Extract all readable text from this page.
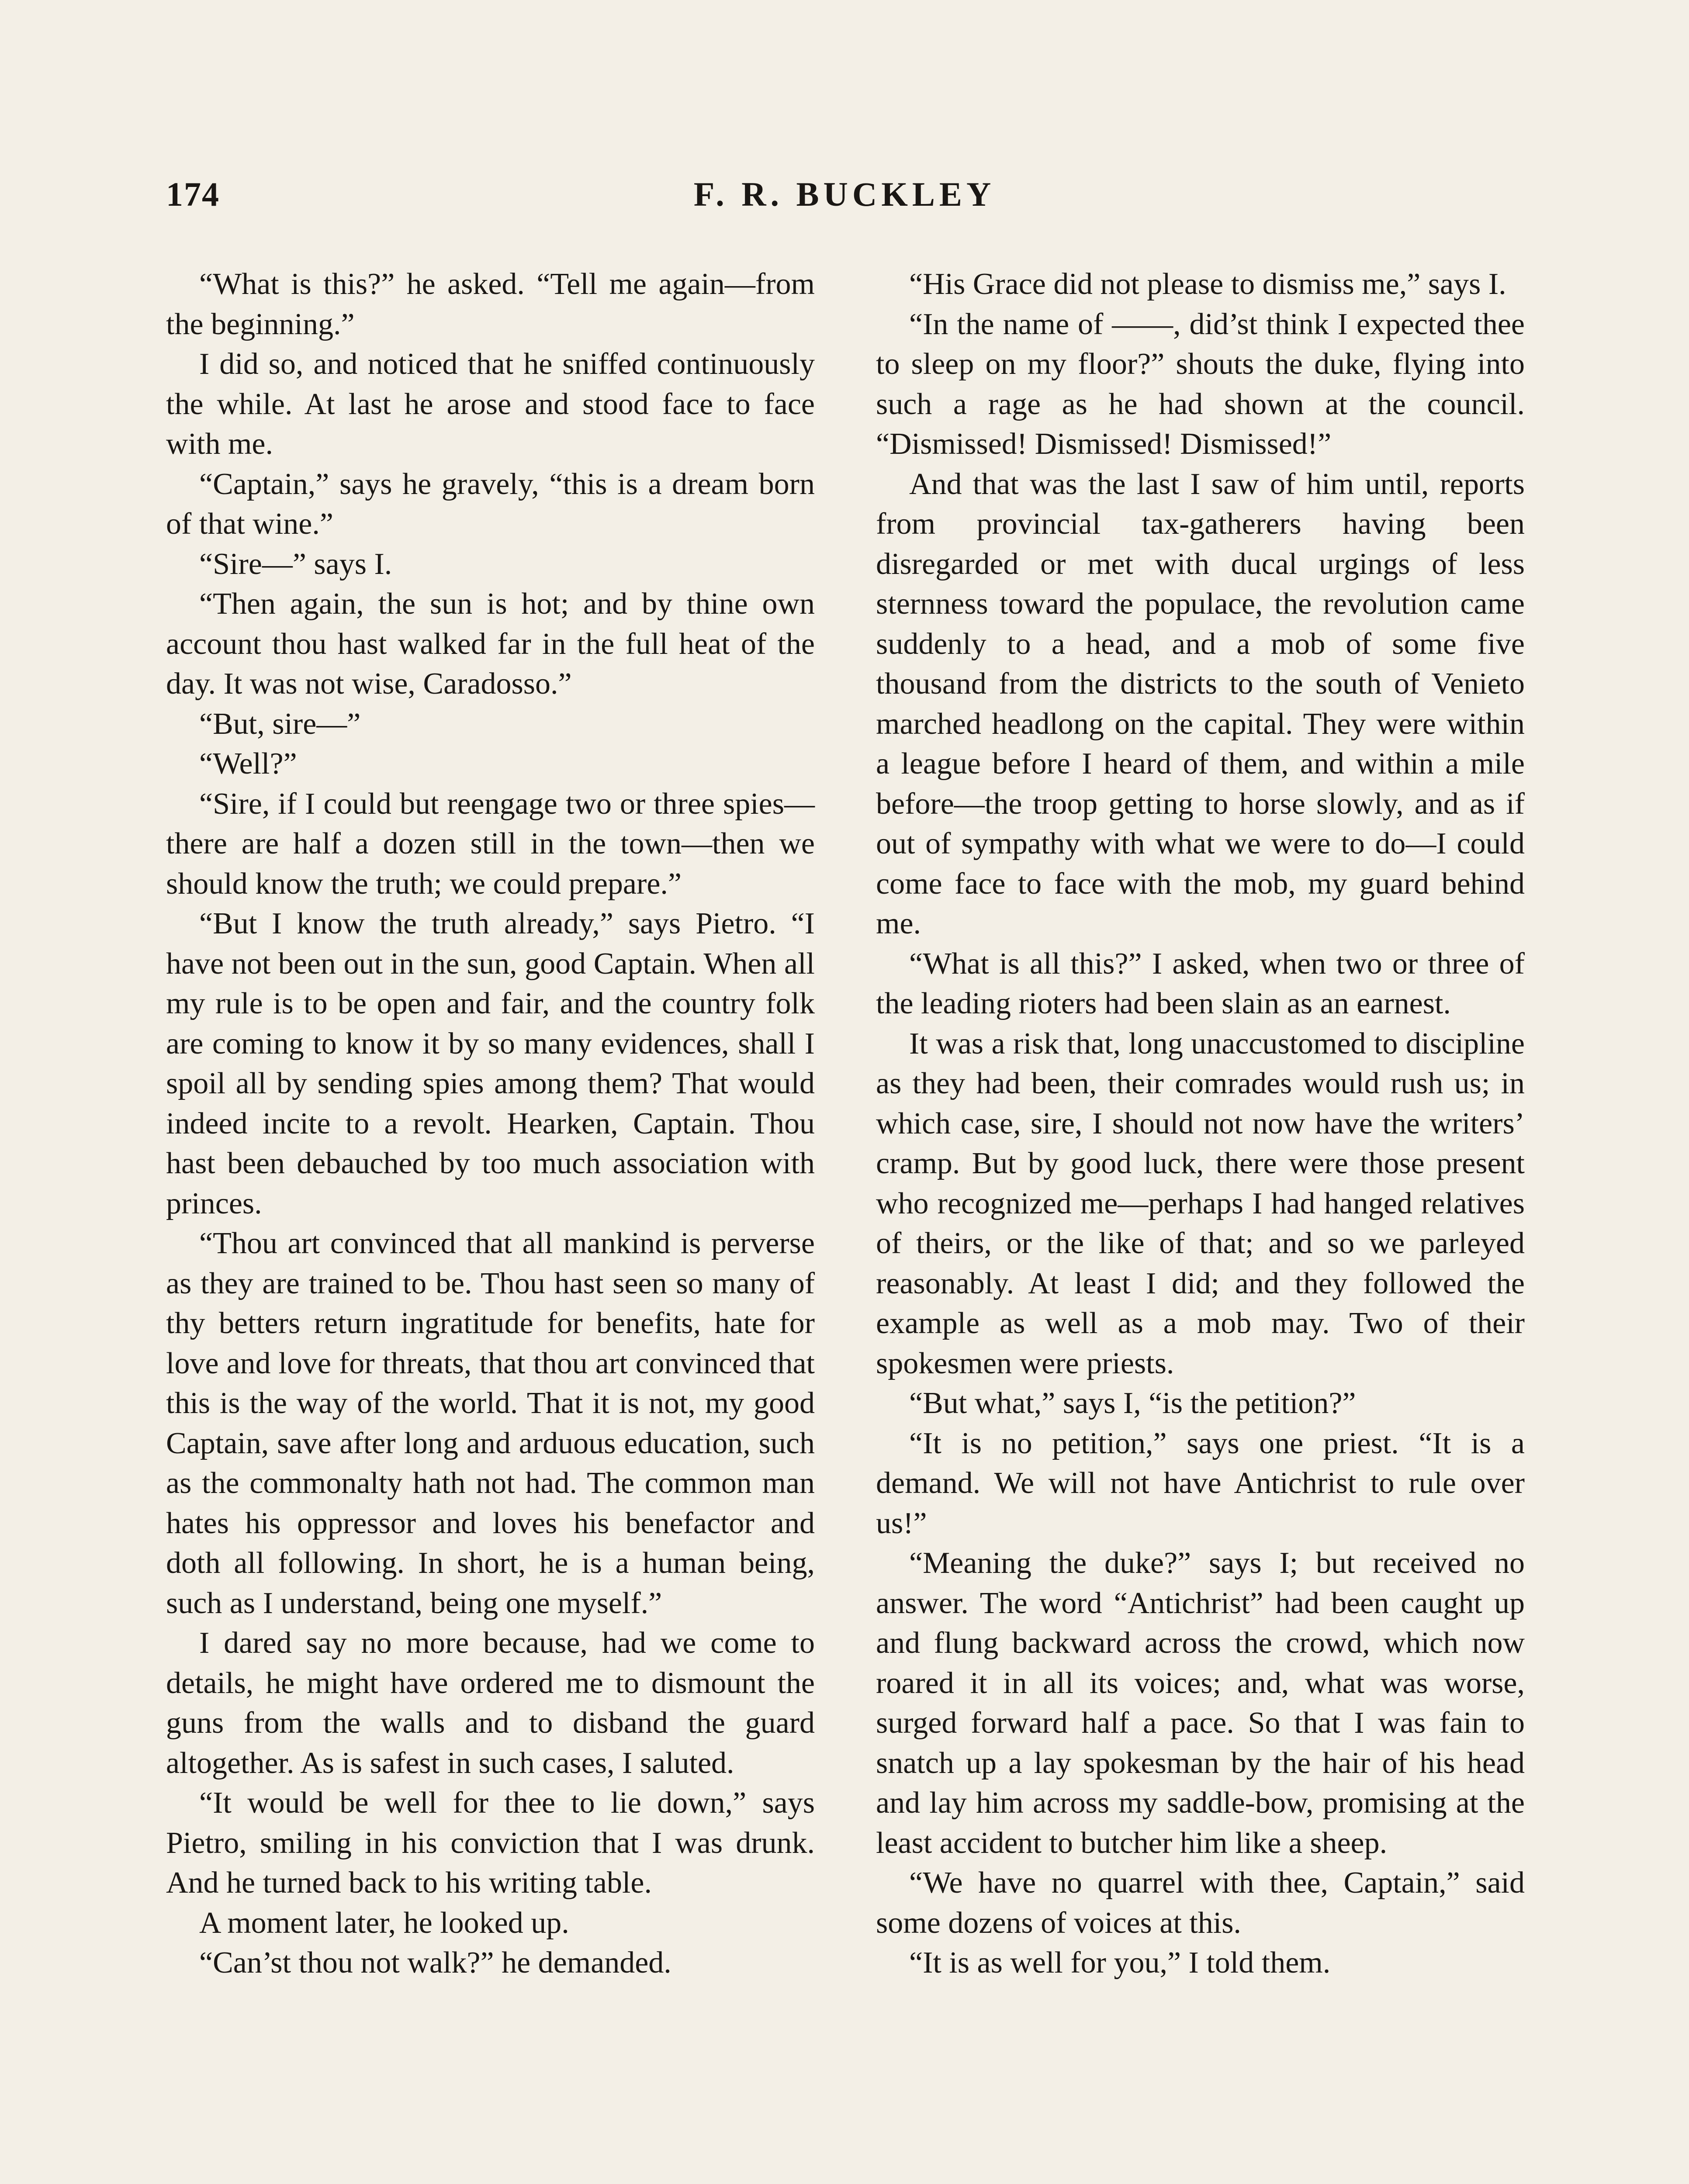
174	F. R. BUCKLEY

“What is this?” he asked. “Tell me again—from the beginning.”

I did so, and noticed that he sniffed continuously the while. At last he arose and stood face to face with me.

“Captain,” says he gravely, “this is a dream born of that wine.”

“Sire—” says I.

“Then again, the sun is hot; and by thine own account thou hast walked far in the full heat of the day. It was not wise, Caradosso.”

“But, sire—”

“Well?”

“Sire, if I could but reengage two or three spies—there are half a dozen still in the town—then we should know the truth; we could prepare.”

“But I know the truth already,” says Pietro. “I have not been out in the sun, good Captain. When all my rule is to be open and fair, and the country folk are coming to know it by so many evidences, shall I spoil all by sending spies among them? That would indeed incite to a revolt. Hearken, Captain. Thou hast been debauched by too much association with princes.

“Thou art convinced that all mankind is perverse as they are trained to be. Thou hast seen so many of thy betters return ingratitude for benefits, hate for love and love for threats, that thou art convinced that this is the way of the world. That it is not, my good Captain, save after long and arduous education, such as the commonalty hath not had. The common man hates his oppressor and loves his benefactor and doth all following. In short, he is a human being, such as I understand, being one myself.”

I dared say no more because, had we come to details, he might have ordered me to dismount the guns from the walls and to disband the guard altogether. As is safest in such cases, I saluted.

“It would be well for thee to lie down,” says Pietro, smiling in his conviction that I was drunk. And he turned back to his writing table.

A moment later, he looked up.

“Can’st thou not walk?” he demanded.

“His Grace did not please to dismiss me,” says I.

“In the name of ——, did’st think I expected thee to sleep on my floor?” shouts the duke, flying into such a rage as he had shown at the council. “Dismissed! Dismissed! Dismissed!”

And that was the last I saw of him until, reports from provincial tax-gatherers having been disregarded or met with ducal urgings of less sternness toward the populace, the revolution came suddenly to a head, and a mob of some five thousand from the districts to the south of Venieto marched headlong on the capital. They were within a league before I heard of them, and within a mile before—the troop getting to horse slowly, and as if out of sympathy with what we were to do—I could come face to face with the mob, my guard behind me.

“What is all this?” I asked, when two or three of the leading rioters had been slain as an earnest.

It was a risk that, long unaccustomed to discipline as they had been, their comrades would rush us; in which case, sire, I should not now have the writers’ cramp. But by good luck, there were those present who recognized me—perhaps I had hanged relatives of theirs, or the like of that; and so we parleyed reasonably. At least I did; and they followed the example as well as a mob may. Two of their spokesmen were priests.

“But what,” says I, “is the petition?”

“It is no petition,” says one priest. “It is a demand. We will not have Antichrist to rule over us!”

“Meaning the duke?” says I; but received no answer. The word “Antichrist” had been caught up and flung backward across the crowd, which now roared it in all its voices; and, what was worse, surged forward half a pace. So that I was fain to snatch up a lay spokesman by the hair of his head and lay him across my saddle-bow, promising at the least accident to butcher him like a sheep.

“We have no quarrel with thee, Captain,” said some dozens of voices at this.

“It is as well for you,” I told them.
